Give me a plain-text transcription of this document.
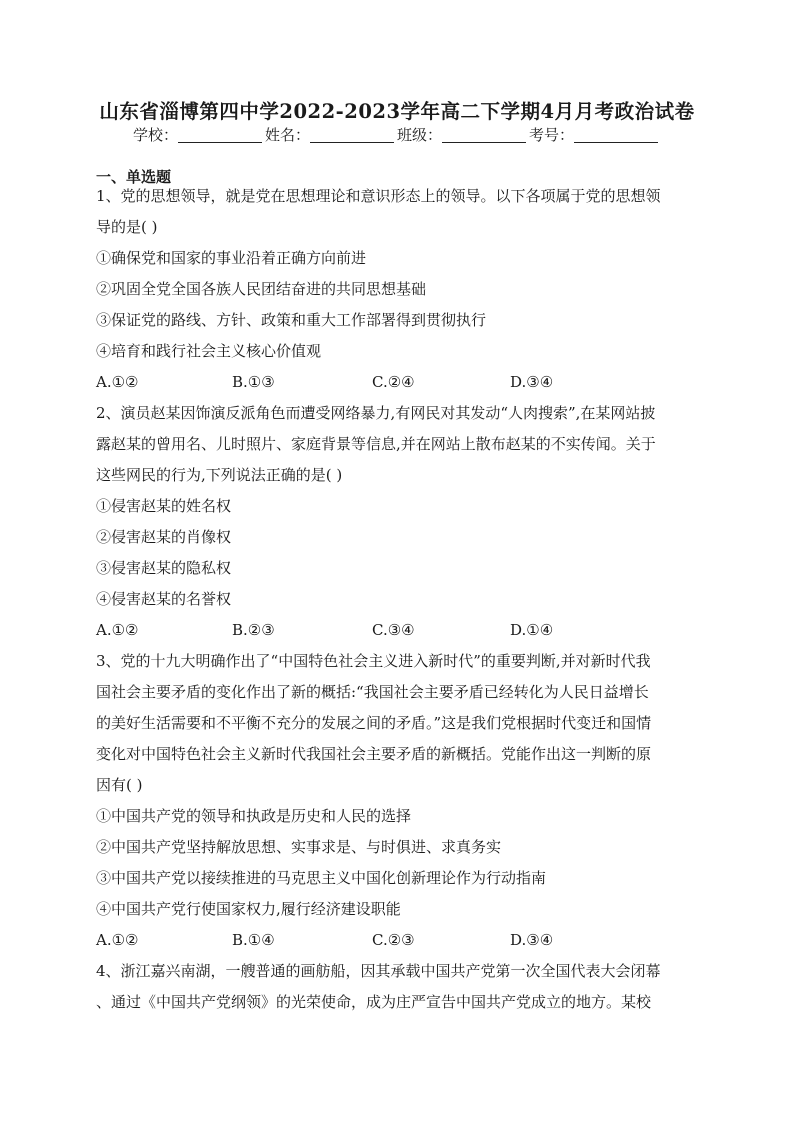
山东省淄博第四中学2022-2023学年高二下学期4月月考政治试卷
学校：	姓名：	班级：	考号：
一、单选题
1、党的思想领导，就是党在思想理论和意识形态上的领导。以下各项属于党的思想领
导的是( )
①确保党和国家的事业沿着正确方向前进
②巩固全党全国各族人民团结奋进的共同思想基础
③保证党的路线、方针、政策和重大工作部署得到贯彻执行
④培育和践行社会主义核心价值观
A.①②	B.①③	C.②④	D.③④
2、演员赵某因饰演反派角色而遭受网络暴力,有网民对其发动“人肉搜索”,在某网站披
露赵某的曾用名、儿时照片、家庭背景等信息,并在网站上散布赵某的不实传闻。关于
这些网民的行为,下列说法正确的是( )
①侵害赵某的姓名权
②侵害赵某的肖像权
③侵害赵某的隐私权
④侵害赵某的名誉权
A.①②	B.②③	C.③④	D.①④
3、党的十九大明确作出了“中国特色社会主义进入新时代”的重要判断,并对新时代我
国社会主要矛盾的变化作出了新的概括:“我国社会主要矛盾已经转化为人民日益增长
的美好生活需要和不平衡不充分的发展之间的矛盾。”这是我们党根据时代变迁和国情
变化对中国特色社会主义新时代我国社会主要矛盾的新概括。党能作出这一判断的原
因有( )
①中国共产党的领导和执政是历史和人民的选择
②中国共产党坚持解放思想、实事求是、与时俱进、求真务实
③中国共产党以接续推进的马克思主义中国化创新理论作为行动指南
④中国共产党行使国家权力,履行经济建设职能
A.①②	B.①④	C.②③	D.③④
4、浙江嘉兴南湖，一艘普通的画舫船，因其承载中国共产党第一次全国代表大会闭幕
、通过《中国共产党纲领》的光荣使命，成为庄严宣告中国共产党成立的地方。某校
